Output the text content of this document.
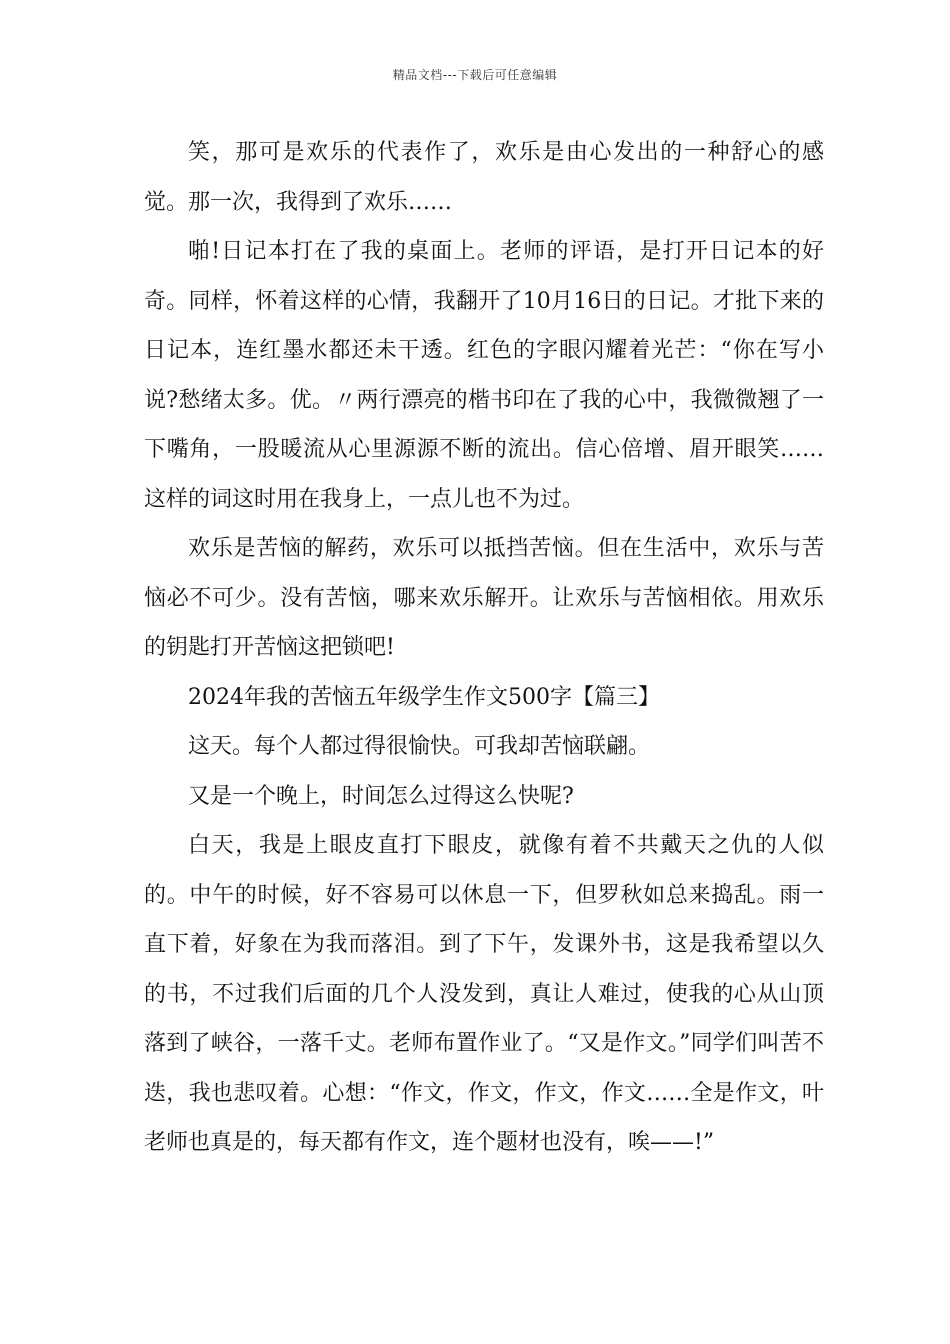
精品文档---下载后可任意编辑

笑，那可是欢乐的代表作了，欢乐是由心发出的一种舒心的感觉。那一次，我得到了欢乐……

啪!日记本打在了我的桌面上。老师的评语，是打开日记本的好奇。同样，怀着这样的心情，我翻开了10月16日的日记。才批下来的日记本，连红墨水都还未干透。红色的字眼闪耀着光芒：“你在写小说?愁绪太多。优。〃两行漂亮的楷书印在了我的心中，我微微翘了一下嘴角，一股暖流从心里源源不断的流出。信心倍增、眉开眼笑……这样的词这时用在我身上，一点儿也不为过。

欢乐是苦恼的解药，欢乐可以抵挡苦恼。但在生活中，欢乐与苦恼必不可少。没有苦恼，哪来欢乐解开。让欢乐与苦恼相依。用欢乐的钥匙打开苦恼这把锁吧!

2024年我的苦恼五年级学生作文500字【篇三】

这天。每个人都过得很愉快。可我却苦恼联翩。

又是一个晚上，时间怎么过得这么快呢?

白天，我是上眼皮直打下眼皮，就像有着不共戴天之仇的人似的。中午的时候，好不容易可以休息一下，但罗秋如总来捣乱。雨一直下着，好象在为我而落泪。到了下午，发课外书，这是我希望以久的书，不过我们后面的几个人没发到，真让人难过，使我的心从山顶落到了峡谷，一落千丈。老师布置作业了。“又是作文。”同学们叫苦不迭，我也悲叹着。心想：“作文，作文，作文，作文……全是作文，叶老师也真是的，每天都有作文，连个题材也没有，唉——!”
